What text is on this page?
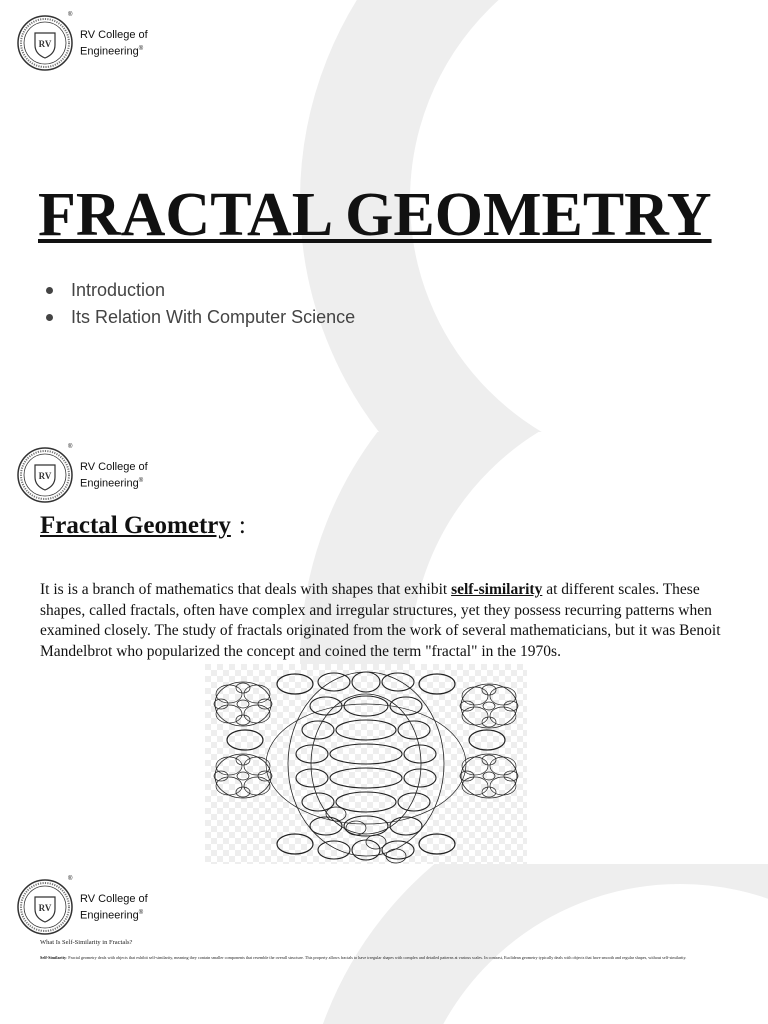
RV
®
RV College of
Engineering®
FRACTAL GEOMETRY
Introduction
Its Relation With Computer Science
RV
®
RV College of
Engineering®
Fractal Geometry :

It is is a branch of mathematics that deals with shapes that exhibit self-similarity at different scales. These shapes, called fractals, often have complex and irregular structures, yet they possess recurring patterns when examined closely. The study of fractals originated from the work of several mathematicians, but it was Benoit Mandelbrot who popularized the concept and coined the term "fractal" in the 1970s.

RV
®
RV College of
Engineering®
What Is Self-Similarity in Fractals?

Self-Similarity: Fractal geometry deals with objects that exhibit self-similarity, meaning they contain smaller components that resemble the overall structure. This property allows fractals to have irregular shapes with complex and detailed patterns at various scales. In contrast, Euclidean geometry typically deals with objects that have smooth and regular shapes, without self-similarity.
